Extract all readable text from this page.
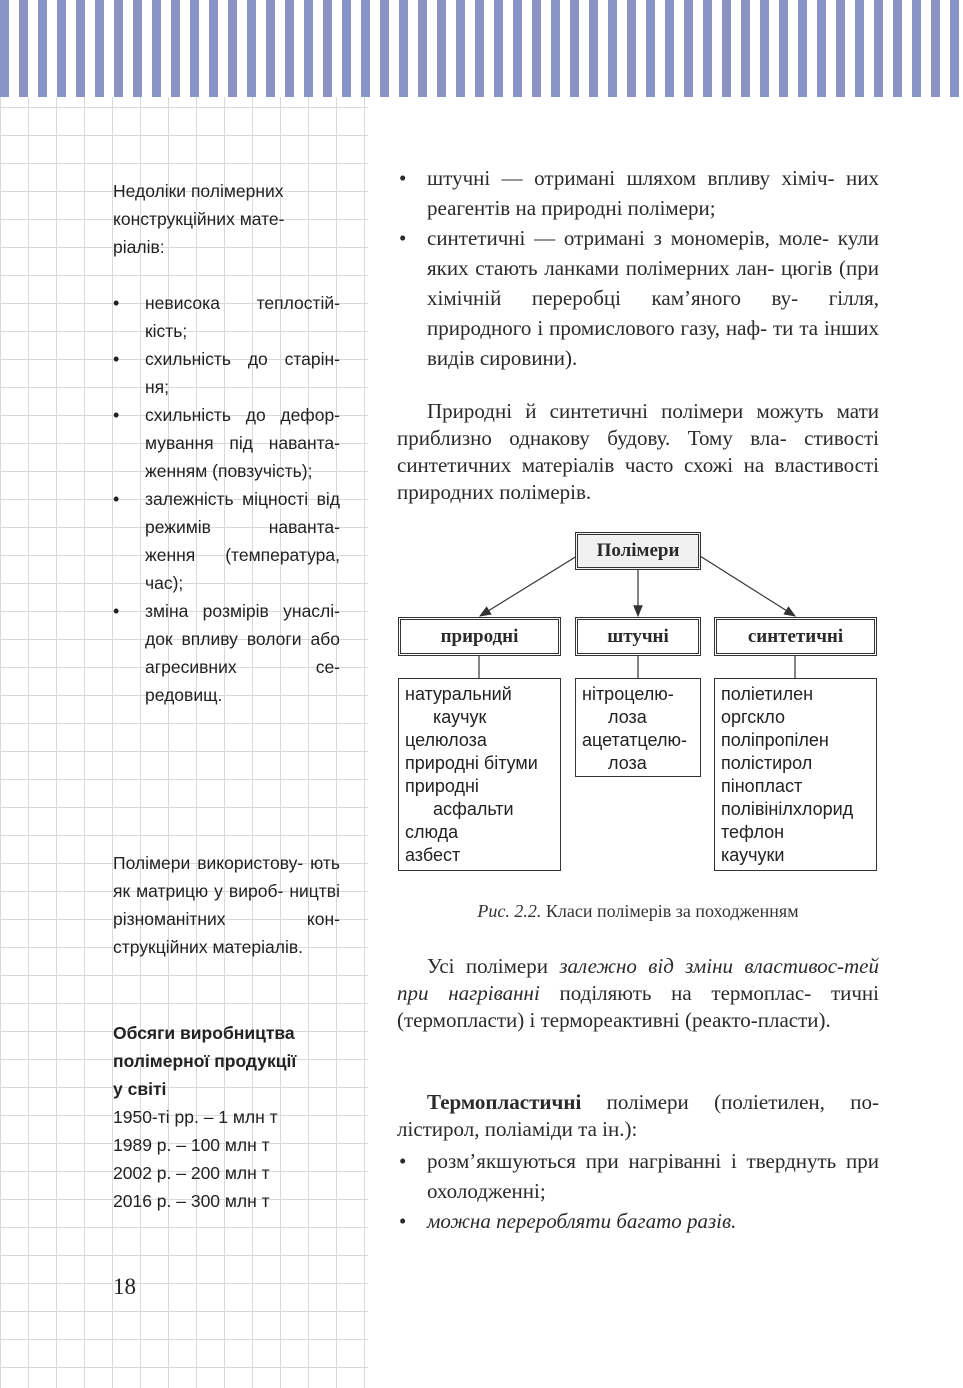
Недоліки полімерних
конструкційних мате-
ріалів:

• невисока теплостій- кість;
• схильність до старін- ня;
• схильність до дефор- мування під наванта- женням (повзучість);
• залежність міцності від режимів наванта- ження (температура, час);
• зміна розмірів унаслі- док впливу вологи або агресивних се- редовищ.

Полімери використову- ють як матрицю у вироб- ництві різноманітних кон- струкційних матеріалів.

Обсяги виробництва
полімерної продукції
у світі

1950-ті рр. – 1 млн т

1989 р. – 100 млн т

2002 р. – 200 млн т

2016 р. – 300 млн т

18
• штучні — отримані шляхом впливу хіміч- них реагентів на природні полімери;
• синтетичні — отримані з мономерів, моле- кули яких стають ланками полімерних лан- цюгів (при хімічній переробці кам’яного ву- гілля, природного і промислового газу, наф- ти та інших видів сировини).

Природні й синтетичні полімери можуть мати приблизно однакову будову. Тому вла- стивості синтетичних матеріалів часто схожі на властивості природних полімерів.

Полімери
природні	штучні	синтетичні
натуральний
каучук
целюлоза
природні бітуми
природні
асфальти
слюда
азбест
нітроцелю-
лоза
ацетатцелю-
лоза
поліетилен
оргскло
поліпропілен
полістирол
пінопласт
полівінілхлорид
тефлон
каучуки
Рис. 2.2. Класи полімерів за походженням

Усі полімери залежно від зміни властивос-тей при нагріванні поділяють на термоплас- тичні (термопласти) і термореактивні (реакто-пласти).

Термопластичні полімери (поліетилен, по-лістирол, поліаміди та ін.):

• розм’якшуються при нагріванні і тверднуть при охолодженні;
• можна переробляти багато разів.
